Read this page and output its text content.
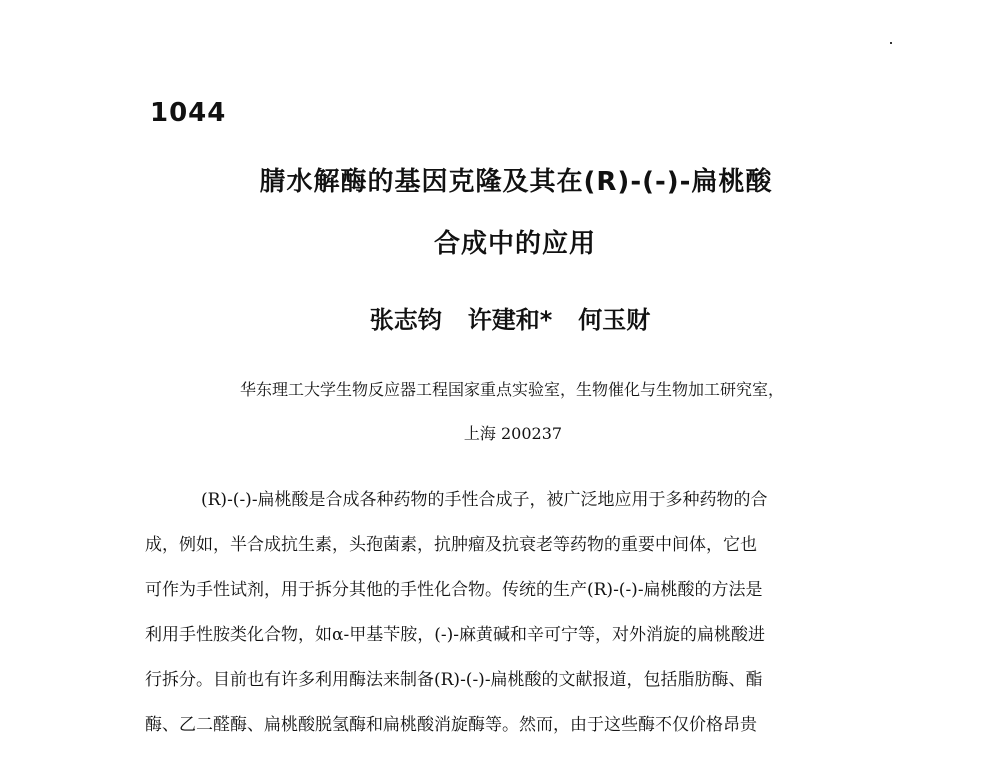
1044
腈水解酶的基因克隆及其在(R)-(-)-扁桃酸
合成中的应用
张志钧 许建和* 何玉财
华东理工大学生物反应器工程国家重点实验室，生物催化与生物加工研究室，
上海 200237
(R)-(-)-扁桃酸是合成各种药物的手性合成子，被广泛地应用于多种药物的合
成，例如，半合成抗生素，头孢菌素，抗肿瘤及抗衰老等药物的重要中间体，它也
可作为手性试剂，用于拆分其他的手性化合物。传统的生产(R)-(-)-扁桃酸的方法是
利用手性胺类化合物，如α-甲基苄胺，(-)-麻黄碱和辛可宁等，对外消旋的扁桃酸进
行拆分。目前也有许多利用酶法来制备(R)-(-)-扁桃酸的文献报道，包括脂肪酶、酯
酶、乙二醛酶、扁桃酸脱氢酶和扁桃酸消旋酶等。然而，由于这些酶不仅价格昂贵
